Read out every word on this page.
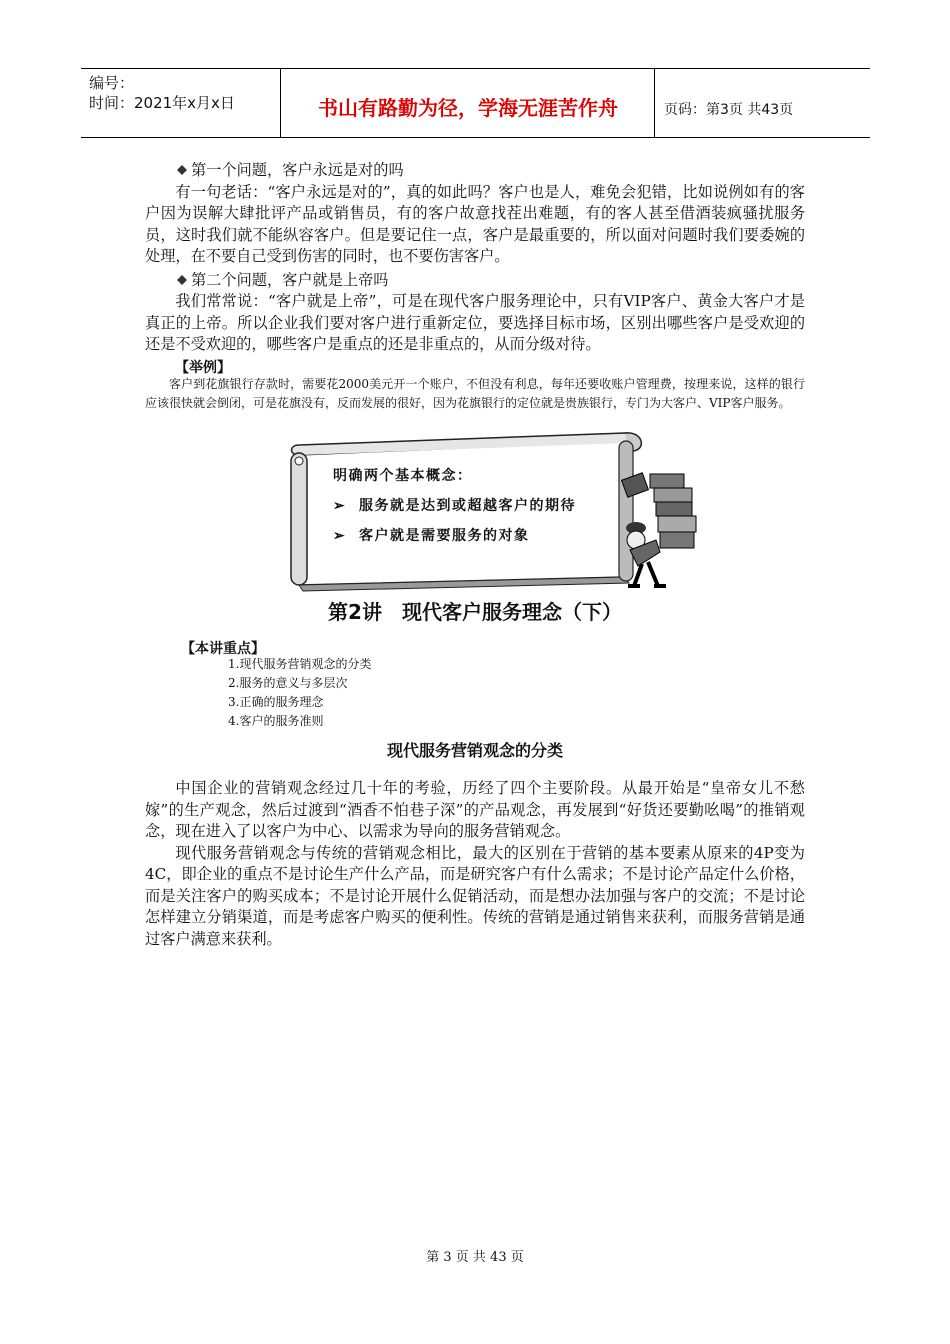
编号：
时间：2021年x月x日	书山有路勤为径，学海无涯苦作舟	页码：第3页 共43页

第一个问题，客户永远是对的吗

有一句老话：“客户永远是对的”，真的如此吗？客户也是人，难免会犯错，比如说例如有的客户因为误解大肆批评产品或销售员，有的客户故意找茬出难题，有的客人甚至借酒装疯骚扰服务员，这时我们就不能纵容客户。但是要记住一点，客户是最重要的，所以面对问题时我们要委婉的处理，在不要自己受到伤害的同时，也不要伤害客户。

第二个问题，客户就是上帝吗

我们常常说：“客户就是上帝”，可是在现代客户服务理论中，只有VIP客户、黄金大客户才是真正的上帝。所以企业我们要对客户进行重新定位，要选择目标市场，区别出哪些客户是受欢迎的还是不受欢迎的，哪些客户是重点的还是非重点的，从而分级对待。

【举例】
客户到花旗银行存款时，需要花2000美元开一个账户，不但没有利息，每年还要收账户管理费，按理来说，这样的银行应该很快就会倒闭，可是花旗没有，反而发展的很好，因为花旗银行的定位就是贵族银行，专门为大客户、VIP客户服务。
明确两个基本概念：
➢ 服务就是达到或超越客户的期待
➢ 客户就是需要服务的对象
第2讲　现代客户服务理念（下）
【本讲重点】
1.现代服务营销观念的分类
2.服务的意义与多层次
3.正确的服务理念
4.客户的服务准则
现代服务营销观念的分类

中国企业的营销观念经过几十年的考验，历经了四个主要阶段。从最开始是“皇帝女儿不愁嫁”的生产观念，然后过渡到“酒香不怕巷子深”的产品观念，再发展到“好货还要勤吆喝”的推销观念，现在进入了以客户为中心、以需求为导向的服务营销观念。

现代服务营销观念与传统的营销观念相比，最大的区别在于营销的基本要素从原来的4P变为4C，即企业的重点不是讨论生产什么产品，而是研究客户有什么需求；不是讨论产品定什么价格，而是关注客户的购买成本；不是讨论开展什么促销活动，而是想办法加强与客户的交流；不是讨论怎样建立分销渠道，而是考虑客户购买的便利性。传统的营销是通过销售来获利，而服务营销是通过客户满意来获利。

第 3 页 共 43 页
